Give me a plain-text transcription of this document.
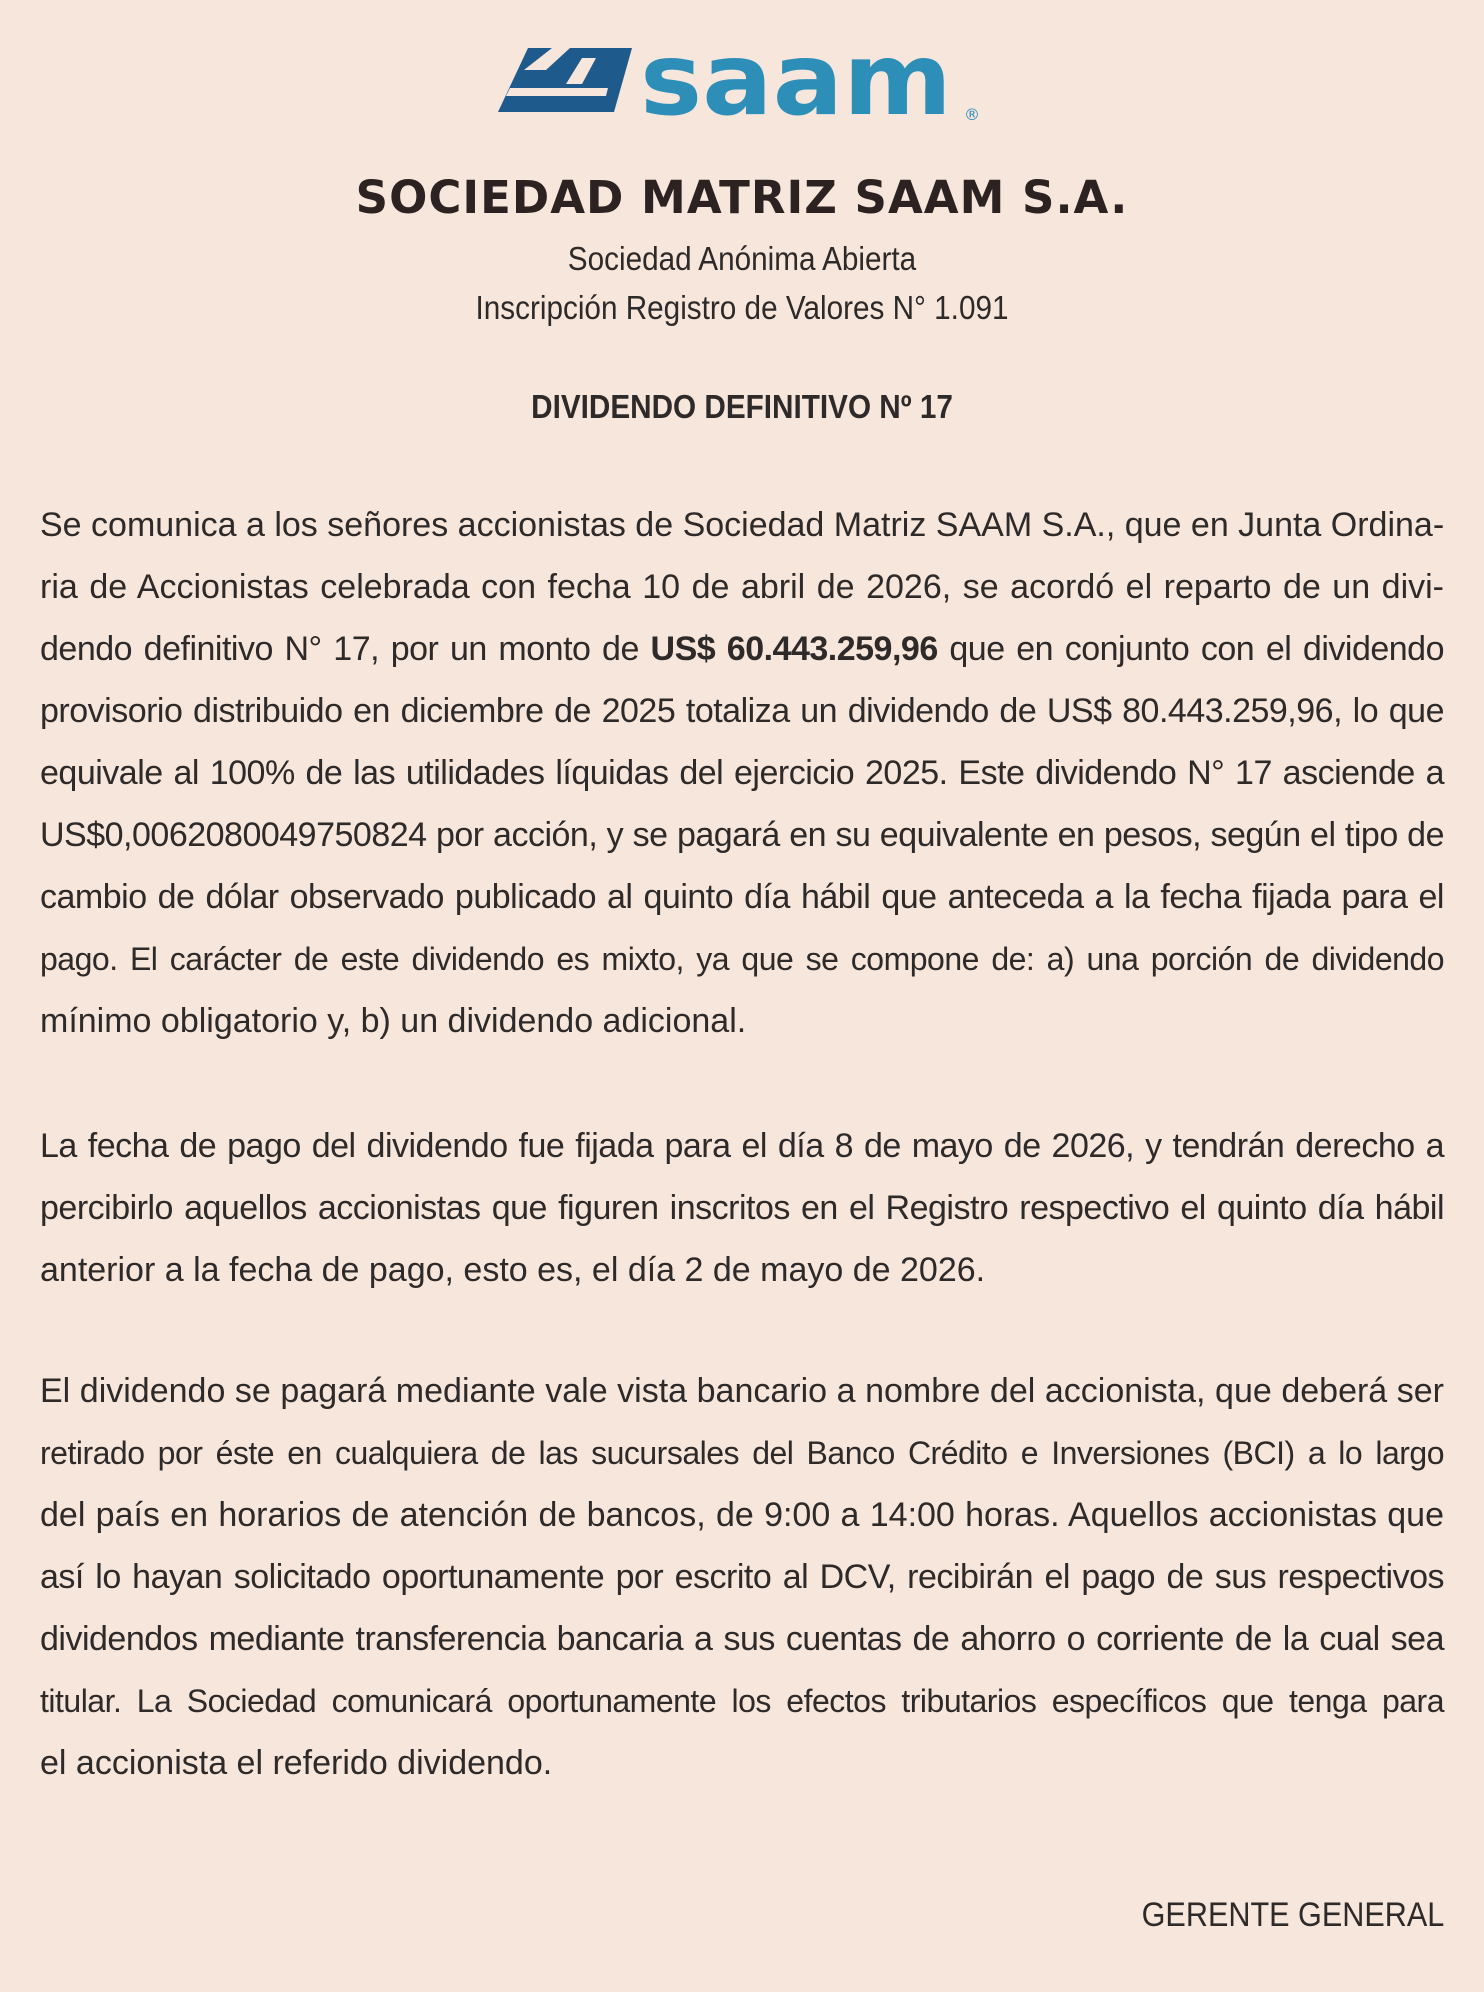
saam ®
SOCIEDAD MATRIZ SAAM S.A.
Sociedad Anónima Abierta
Inscripción Registro de Valores N° 1.091
DIVIDENDO DEFINITIVO Nº 17
Se comunica a los señores accionistas de Sociedad Matriz SAAM S.A., que en Junta Ordina-
ria de Accionistas celebrada con fecha 10 de abril de 2026, se acordó el reparto de un divi-
dendo definitivo N° 17, por un monto de US$ 60.443.259,96 que en conjunto con el dividendo
provisorio distribuido en diciembre de 2025 totaliza un dividendo de US$ 80.443.259,96, lo que
equivale al 100% de las utilidades líquidas del ejercicio 2025. Este dividendo N° 17 asciende a
US$0,0062080049750824 por acción, y se pagará en su equivalente en pesos, según el tipo de
cambio de dólar observado publicado al quinto día hábil que anteceda a la fecha fijada para el
pago. El carácter de este dividendo es mixto, ya que se compone de: a) una porción de dividendo
mínimo obligatorio y, b) un dividendo adicional.
La fecha de pago del dividendo fue fijada para el día 8 de mayo de 2026, y tendrán derecho a
percibirlo aquellos accionistas que figuren inscritos en el Registro respectivo el quinto día hábil
anterior a la fecha de pago, esto es, el día 2 de mayo de 2026.
El dividendo se pagará mediante vale vista bancario a nombre del accionista, que deberá ser
retirado por éste en cualquiera de las sucursales del Banco Crédito e Inversiones (BCI) a lo largo
del país en horarios de atención de bancos, de 9:00 a 14:00 horas. Aquellos accionistas que
así lo hayan solicitado oportunamente por escrito al DCV, recibirán el pago de sus respectivos
dividendos mediante transferencia bancaria a sus cuentas de ahorro o corriente de la cual sea
titular. La Sociedad comunicará oportunamente los efectos tributarios específicos que tenga para
el accionista el referido dividendo.
GERENTE GENERAL
